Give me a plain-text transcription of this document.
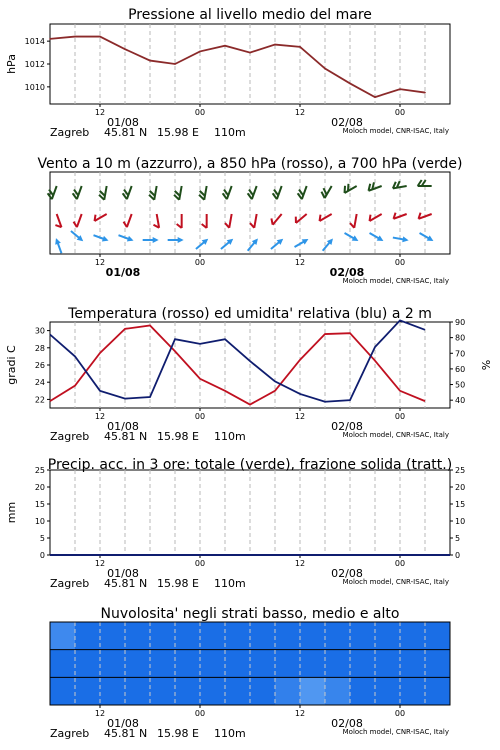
12	00	12	00
01/08	02/08
Zagreb 45.81 N 15.98 E 110m	Moloch model, CNR-ISAC, Italy
Pressione al livello medio del mare
12	00	12	00
01/08	02/08
Moloch model, CNR-ISAC, Italy
Vento a 10 m (azzurro), a 850 hPa (rosso), a 700 hPa (verde)
12	00	12	00
01/08	02/08
Zagreb 45.81 N 15.98 E 110m	Moloch model, CNR-ISAC, Italy
Temperatura (rosso) ed umidita' relativa (blu) a 2 m
12	00	12	00
01/08	02/08
Zagreb 45.81 N 15.98 E 110m	Moloch model, CNR-ISAC, Italy
Precip. acc. in 3 ore: totale (verde), frazione solida (tratt.)
12	00	12	00
01/08	02/08
Zagreb 45.81 N 15.98 E 110m	Moloch model, CNR-ISAC, Italy
Nuvolosita' negli strati basso, medio e alto
1014
1012
1010
hPa
30
28
26
24
22
90
80
70
60
50
40
gradi C	%
25	25
20	20
15	15
10	10
5	5
0	0
mm
